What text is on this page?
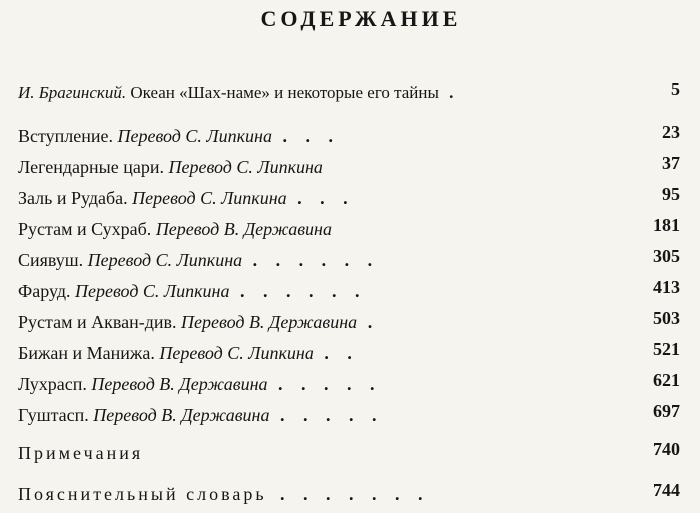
СОДЕРЖАНИЕ
И. Брагинский. Океан «Шах-наме» и некоторые его тайны .	5
Вступление. Перевод С. Липкина . . .	23
Легендарные цари. Перевод С. Липкина	37
Заль и Рудаба. Перевод С. Липкина . . .	95
Рустам и Сухраб. Перевод В. Державина	181
Сиявуш. Перевод С. Липкина . . . . . .	305
Фаруд. Перевод С. Липкина . . . . . .	413
Рустам и Акван-див. Перевод В. Державина .	503
Бижан и Манижа. Перевод С. Липкина . .	521
Лухрасп. Перевод В. Державина . . . . .	621
Гуштасп. Перевод В. Державина . . . . .	697
Примечания	740
Пояснительный словарь . . . . . . .	744
